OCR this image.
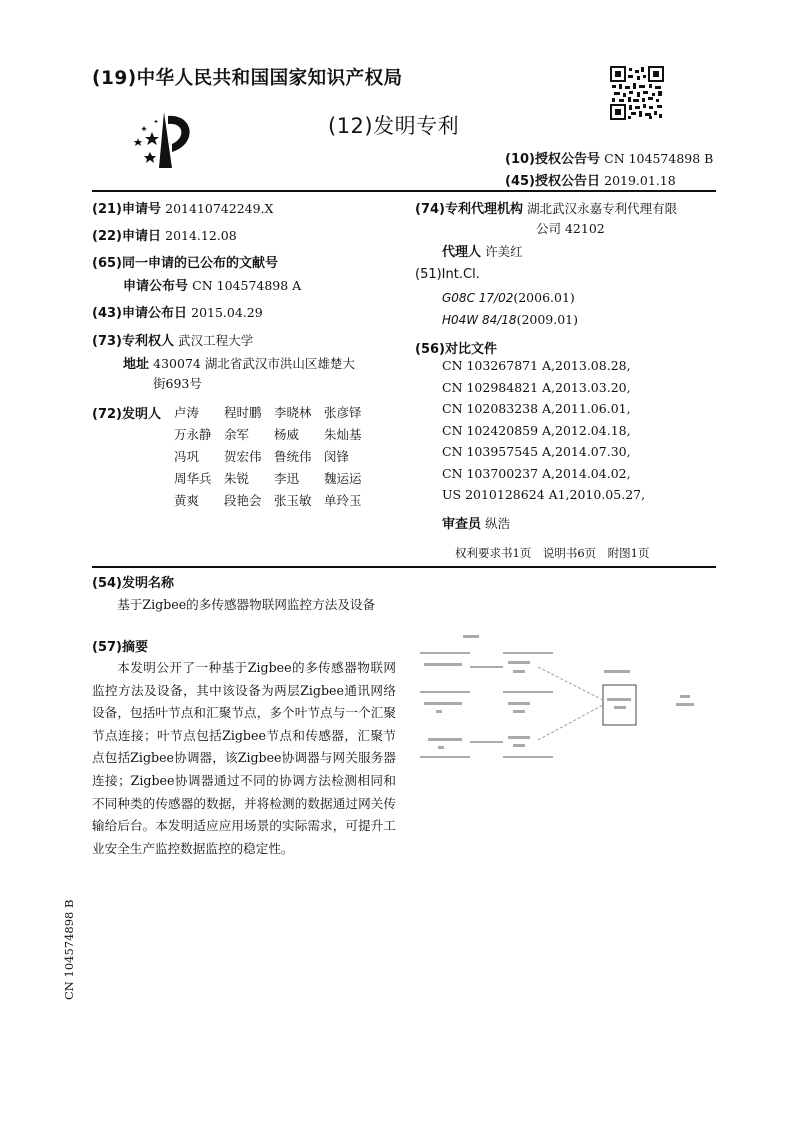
(19)中华人民共和国国家知识产权局
(12)发明专利
(10)授权公告号 CN 104574898 B
(45)授权公告日 2019.01.18
(21)申请号 201410742249.X
(22)申请日 2014.12.08
(65)同一申请的已公布的文献号
申请公布号 CN 104574898 A
(43)申请公布日 2015.04.29
(73)专利权人 武汉工程大学
地址 430074 湖北省武汉市洪山区雄楚大
街693号
(72)发明人 卢涛 程时鹏 李晓林 张彦铎
万永静 余军 杨威 朱灿基
冯巩 贺宏伟 鲁统伟 闵锋
周华兵 朱锐 李迅 魏运运
黄爽 段艳会 张玉敏 单玲玉
(74)专利代理机构 湖北武汉永嘉专利代理有限
公司 42102
代理人 许美红
(51)Int.Cl.
G08C 17/02(2006.01)
H04W 84/18(2009.01)
(56)对比文件
CN 103267871 A,2013.08.28,
CN 102984821 A,2013.03.20,
CN 102083238 A,2011.06.01,
CN 102420859 A,2012.04.18,
CN 103957545 A,2014.07.30,
CN 103700237 A,2014.04.02,
US 2010128624 A1,2010.05.27,
审查员 纵浩
权利要求书1页　说明书6页　附图1页
(54)发明名称
基于Zigbee的多传感器物联网监控方法及设备
(57)摘要
本发明公开了一种基于Zigbee的多传感器物联网监控方法及设备，其中该设备为两层Zigbee通讯网络设备，包括叶节点和汇聚节点，多个叶节点与一个汇聚节点连接；叶节点包括Zigbee节点和传感器，汇聚节点包括Zigbee协调器，该Zigbee协调器与网关服务器连接；Zigbee协调器通过不同的协调方法检测相同和不同种类的传感器的数据，并将检测的数据通过网关传输给后台。本发明适应应用场景的实际需求，可提升工业安全生产监控数据监控的稳定性。
CN 104574898 B
